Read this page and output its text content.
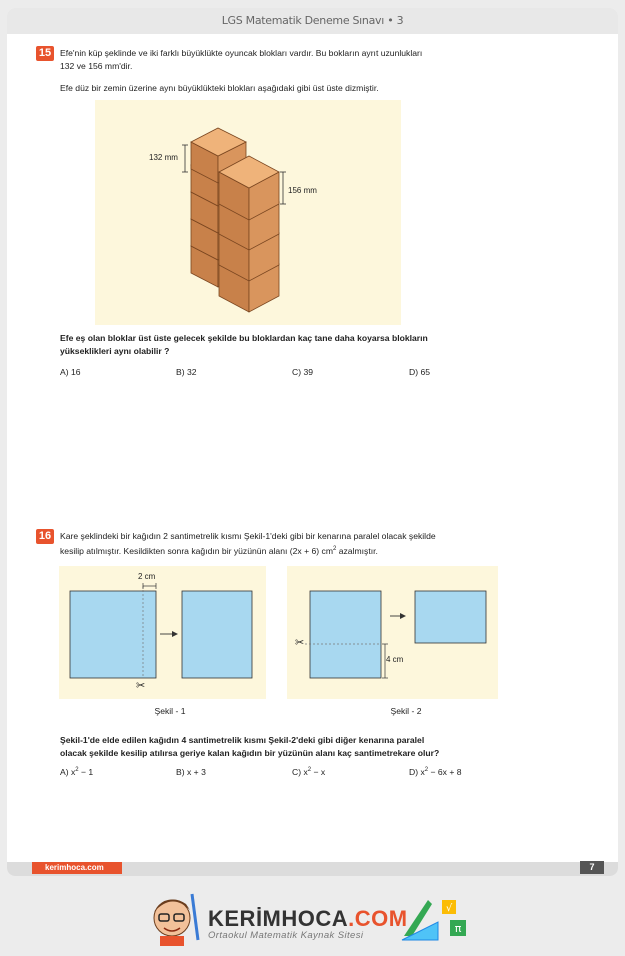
LGS Matematik Deneme Sınavı • 3
15	Efe'nin küp şeklinde ve iki farklı büyüklükte oyuncak blokları vardır. Bu bokların ayrıt uzunlukları
132 ve 156 mm'dir.
Efe düz bir zemin üzerine aynı büyüklükteki blokları aşağıdaki gibi üst üste dizmiştir.
132 mm
156 mm
Efe eş olan bloklar üst üste gelecek şekilde bu bloklardan kaç tane daha koyarsa blokların
yükseklikleri aynı olabilir ?
A) 16	B) 32	C) 39	D) 65
16	Kare şeklindeki bir kağıdın 2 santimetrelik kısmı Şekil-1'deki gibi bir kenarına paralel olacak şekilde
kesilip atılmıştır. Kesildikten sonra kağıdın bir yüzünün alanı (2x + 6) $cm^2$ azalmıştır.
2 cm
✂
Şekil - 1
4 cm
✂
Şekil - 2
Şekil-1'de elde edilen kağıdın 4 santimetrelik kısmı Şekil-2'deki gibi diğer kenarına paralel
olacak şekilde kesilip atılırsa geriye kalan kağıdın bir yüzünün alanı kaç santimetrekare olur?
A) $x^2 - 1$	B) x + 3	C) $x^2 - x$	D) $x^2 - 6x + 8$
kerimhoca.com	7
KERİMHOCA.COM
Ortaokul Matematik Kaynak Sitesi
√
π
